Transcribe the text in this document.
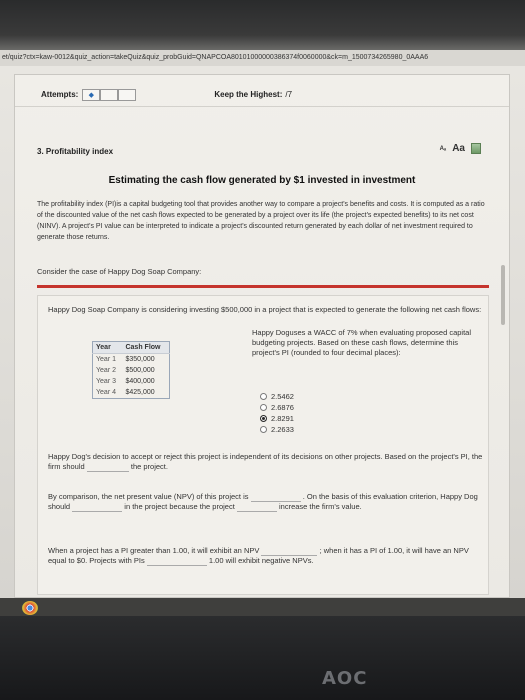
et/quiz?ctx=kaw-0012&quiz_action=takeQuiz&quiz_probGuid=QNAPCOA80101000000386374f0060000&ck=m_1500734265980_0AAA6
Attempts:	◆	Keep the Highest: /7
3. Profitability index	Aₐ Aa
Estimating the cash flow generated by $1 invested in investment
The profitability index (PI)is a capital budgeting tool that provides another way to compare a project's benefits and costs. It is computed as a ratio of the discounted value of the net cash flows expected to be generated by a project over its life (the project's expected benefits) to its net cost (NINV). A project's PI value can be interpreted to indicate a project's discounted return generated by each dollar of net investment required to generate those returns.
Consider the case of Happy Dog Soap Company:
Happy Dog Soap Company is considering investing $500,000 in a project that is expected to generate the following net cash flows:
Year	Cash Flow
Year 1	$350,000
Year 2	$500,000
Year 3	$400,000
Year 4	$425,000
Happy Doguses a WACC of 7% when evaluating proposed capital budgeting projects. Based on these cash flows, determine this project's PI (rounded to four decimal places):
2.5462
2.6876
2.8291
2.2633
Happy Dog's decision to accept or reject this project is independent of its decisions on other projects. Based on the project's PI, the firm should	the project.
By comparison, the net present value (NPV) of this project is	. On the basis of this evaluation criterion, Happy Dog should	in the project because the project	increase the firm's value.
When a project has a PI greater than 1.00, it will exhibit an NPV	; when it has a PI of 1.00, it will have an NPV equal to $0. Projects with PIs	1.00 will exhibit negative NPVs.
AOC
